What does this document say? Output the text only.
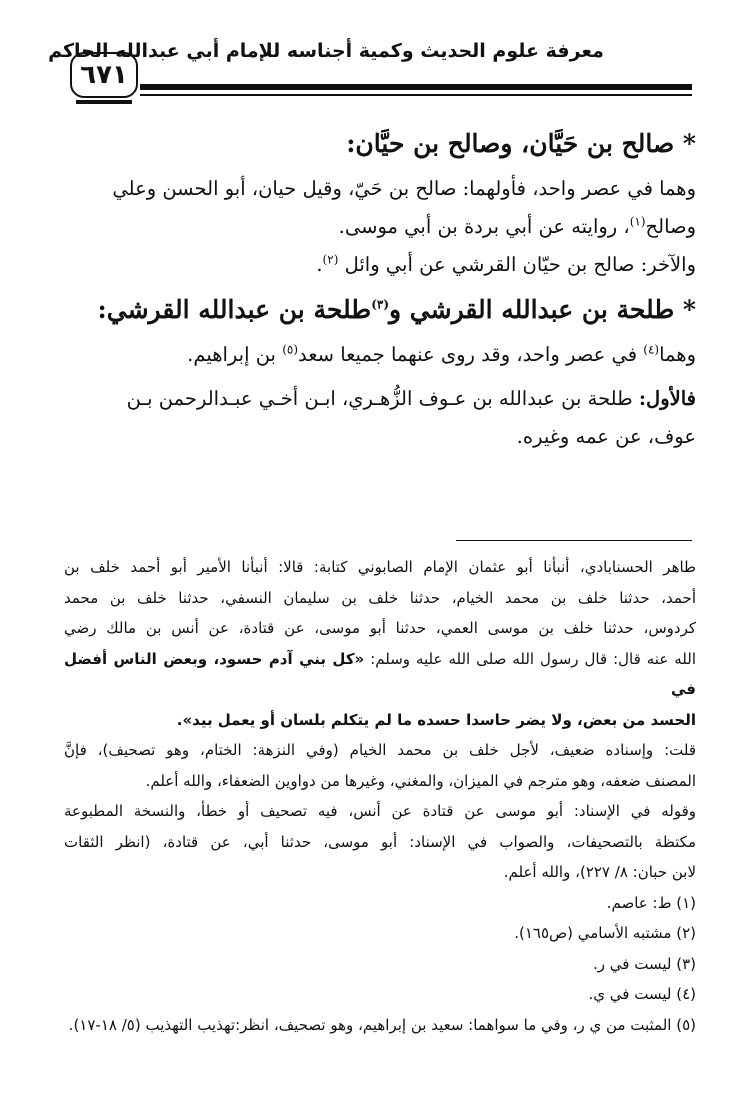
معرفة علوم الحديث وكمية أجناسه للإمام أبي عبدالله الحاكم
٦٧١
* صالح بن حَيَّان، وصالح بن حيَّان:
وهما في عصر واحد، فأولهما: صالح بن حَيّ، وقيل حيان، أبو الحسن وعلي
وصالح$^{(١)}$، روايته عن أبي بردة بن أبي موسى.
والآخر: صالح بن حيّان القرشي عن أبي وائل $^{(٢)}$.
* طلحة بن عبدالله القرشي و$^{(٣)}$طلحة بن عبدالله القرشي:
وهما$^{(٤)}$ في عصر واحد، وقد روى عنهما جميعا سعد$^{(٥)}$ بن إبراهيم.
فالأول: طلحة بن عبدالله بن عـوف الزُّهـري، ابـن أخـي عبـدالرحمن بـن
عوف، عن عمه وغيره.
طاهر الحسنابادي، أنبأنا أبو عثمان الإمام الصابوني كتابة: قالا: أنبأنا الأمير أبو أحمد خلف بن
أحمد، حدثنا خلف بن محمد الخيام، حدثنا خلف بن سليمان النسفي، حدثنا خلف بن محمد
كردوس، حدثنا خلف بن موسى العمي، حدثنا أبو موسى، عن قتادة، عن أنس بن مالك رضي
الله عنه قال: قال رسول الله صلى الله عليه وسلم: «كل بني آدم حسود، وبعض الناس أفضل في
الحسد من بعض، ولا يضر حاسدا حسده ما لم يتكلم بلسان أو يعمل بيد».
قلت: وإسناده ضعيف، لأجل خلف بن محمد الخيام (وفي النزهة: الختام، وهو تصحيف)، فإنَّ
المصنف ضعفه، وهو مترجم في الميزان، والمغني، وغيرها من دواوين الضعفاء، والله أعلم.
وقوله في الإسناد: أبو موسى عن قتادة عن أنس، فيه تصحيف أو خطأ، والنسخة المطبوعة
مكتظة بالتصحيفات، والصواب في الإسناد: أبو موسى، حدثنا أبي، عن قتادة، (انظر الثقات
لابن حبان: ٨/ ٢٢٧)، والله أعلم.
(١) ط: عاصم.
(٢) مشتبه الأسامي (ص١٦٥).
(٣) ليست في ر.
(٤) ليست في ي.
(٥) المثبت من ي ر، وفي ما سواهما: سعيد بن إبراهيم، وهو تصحيف، انظر:تهذيب التهذيب (٥/ ١٨-١٧).
